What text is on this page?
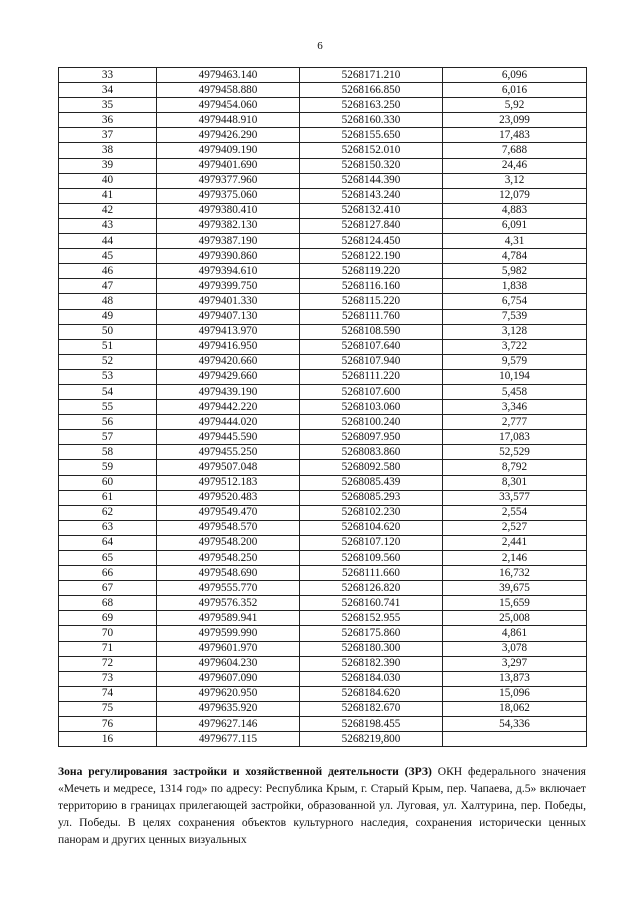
6
33	4979463.140	5268171.210	6,096
34	4979458.880	5268166.850	6,016
35	4979454.060	5268163.250	5,92
36	4979448.910	5268160.330	23,099
37	4979426.290	5268155.650	17,483
38	4979409.190	5268152.010	7,688
39	4979401.690	5268150.320	24,46
40	4979377.960	5268144.390	3,12
41	4979375.060	5268143.240	12,079
42	4979380.410	5268132.410	4,883
43	4979382.130	5268127.840	6,091
44	4979387.190	5268124.450	4,31
45	4979390.860	5268122.190	4,784
46	4979394.610	5268119.220	5,982
47	4979399.750	5268116.160	1,838
48	4979401.330	5268115.220	6,754
49	4979407.130	5268111.760	7,539
50	4979413.970	5268108.590	3,128
51	4979416.950	5268107.640	3,722
52	4979420.660	5268107.940	9,579
53	4979429.660	5268111.220	10,194
54	4979439.190	5268107.600	5,458
55	4979442.220	5268103.060	3,346
56	4979444.020	5268100.240	2,777
57	4979445.590	5268097.950	17,083
58	4979455.250	5268083.860	52,529
59	4979507.048	5268092.580	8,792
60	4979512.183	5268085.439	8,301
61	4979520.483	5268085.293	33,577
62	4979549.470	5268102.230	2,554
63	4979548.570	5268104.620	2,527
64	4979548.200	5268107.120	2,441
65	4979548.250	5268109.560	2,146
66	4979548.690	5268111.660	16,732
67	4979555.770	5268126.820	39,675
68	4979576.352	5268160.741	15,659
69	4979589.941	5268152.955	25,008
70	4979599.990	5268175.860	4,861
71	4979601.970	5268180.300	3,078
72	4979604.230	5268182.390	3,297
73	4979607.090	5268184.030	13,873
74	4979620.950	5268184.620	15,096
75	4979635.920	5268182.670	18,062
76	4979627.146	5268198.455	54,336
16	4979677.115	5268219,800	
Зона регулирования застройки и хозяйственной деятельности (ЗРЗ) ОКН федерального значения «Мечеть и медресе, 1314 год» по адресу: Республика Крым, г. Старый Крым, пер. Чапаева, д.5» включает территорию в границах прилегающей застройки, образованной ул. Луговая, ул. Халтурина, пер. Победы, ул. Победы. В целях сохранения объектов культурного наследия, сохранения исторически ценных панорам и других ценных визуальных
